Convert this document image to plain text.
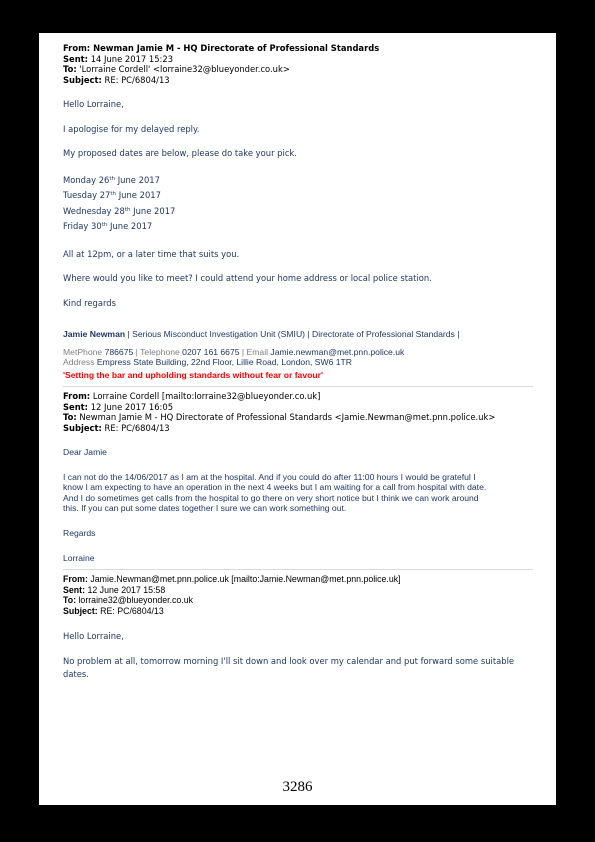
From: Newman Jamie M - HQ Directorate of Professional Standards
Sent: 14 June 2017 15:23
To: 'Lorraine Cordell' <lorraine32@blueyonder.co.uk>
Subject: RE: PC/6804/13
Hello Lorraine,
I apologise for my delayed reply.
My proposed dates are below, please do take your pick.
Monday 26th June 2017
Tuesday 27th June 2017
Wednesday 28th June 2017
Friday 30th June 2017
All at 12pm, or a later time that suits you.
Where would you like to meet? I could attend your home address or local police station.
Kind regards
Jamie Newman | Serious Misconduct Investigation Unit (SMIU) | Directorate of Professional Standards |
MetPhone 786675 | Telephone 0207 161 6675 | Email Jamie.newman@met.pnn.police.uk
Address Empress State Building, 22nd Floor, Lillie Road, London, SW6 1TR
'Setting the bar and upholding standards without fear or favour'
From: Lorraine Cordell [mailto:lorraine32@blueyonder.co.uk]
Sent: 12 June 2017 16:05
To: Newman Jamie M - HQ Directorate of Professional Standards <Jamie.Newman@met.pnn.police.uk>
Subject: RE: PC/6804/13
Dear Jamie
I can not do the 14/06/2017 as I am at the hospital. And if you could do after 11:00 hours I would be grateful I
know I am expecting to have an operation in the next 4 weeks but I am waiting for a call from hospital with date.
And I do sometimes get calls from the hospital to go there on very short notice but I think we can work around
this. If you can put some dates together I sure we can work something out.
Regards
Lorraine
From: Jamie.Newman@met.pnn.police.uk [mailto:Jamie.Newman@met.pnn.police.uk]
Sent: 12 June 2017 15:58
To: lorraine32@blueyonder.co.uk
Subject: RE: PC/6804/13
Hello Lorraine,
No problem at all, tomorrow morning I'll sit down and look over my calendar and put forward some suitable
dates.
3286
